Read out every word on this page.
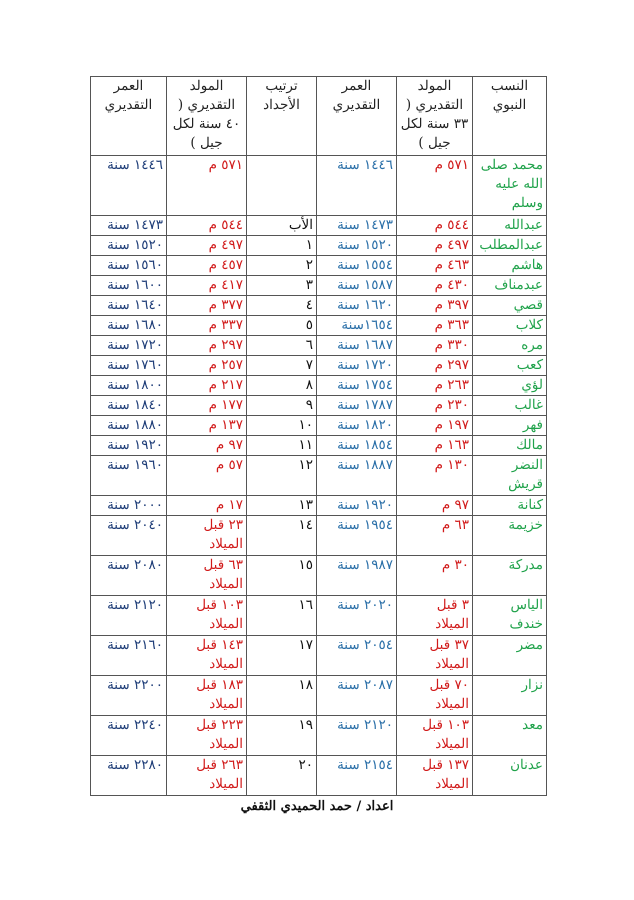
النسب النبوي	المولد التقديري ( ٣٣ سنة لكل جيل )	العمر التقديري	ترتيب الأجداد	المولد التقديري ( ٤٠ سنة لكل جيل )	العمر التقديري
محمد صلى الله عليه وسلم	٥٧١ م	١٤٤٦ سنة		٥٧١ م	١٤٤٦ سنة
عبدالله	٥٤٤ م	١٤٧٣ سنة	الأب	٥٤٤ م	١٤٧٣ سنة
عبدالمطلب	٤٩٧ م	١٥٢٠ سنة	١	٤٩٧ م	١٥٢٠ سنة
هاشم	٤٦٣ م	١٥٥٤ سنة	٢	٤٥٧ م	١٥٦٠ سنة
عبدمناف	٤٣٠ م	١٥٨٧ سنة	٣	٤١٧ م	١٦٠٠ سنة
قصي	٣٩٧ م	١٦٢٠ سنة	٤	٣٧٧ م	١٦٤٠ سنة
كلاب	٣٦٣ م	١٦٥٤سنة	٥	٣٣٧ م	١٦٨٠ سنة
مره	٣٣٠ م	١٦٨٧ سنة	٦	٢٩٧ م	١٧٢٠ سنة
كعب	٢٩٧ م	١٧٢٠ سنة	٧	٢٥٧ م	١٧٦٠ سنة
لؤي	٢٦٣ م	١٧٥٤ سنة	٨	٢١٧ م	١٨٠٠ سنة
غالب	٢٣٠ م	١٧٨٧ سنة	٩	١٧٧ م	١٨٤٠ سنة
فهر	١٩٧ م	١٨٢٠ سنة	١٠	١٣٧ م	١٨٨٠ سنة
مالك	١٦٣ م	١٨٥٤ سنة	١١	٩٧ م	١٩٢٠ سنة
النضر قريش	١٣٠ م	١٨٨٧ سنة	١٢	٥٧ م	١٩٦٠ سنة
كنانة	٩٧ م	١٩٢٠ سنة	١٣	١٧ م	٢٠٠٠ سنة
خزيمة	٦٣ م	١٩٥٤ سنة	١٤	٢٣ قبل الميلاد	٢٠٤٠ سنة
مدركة	٣٠ م	١٩٨٧ سنة	١٥	٦٣ قبل الميلاد	٢٠٨٠ سنة
الياس خندف	٣ قبل الميلاد	٢٠٢٠ سنة	١٦	١٠٣ قبل الميلاد	٢١٢٠ سنة
مضر	٣٧ قبل الميلاد	٢٠٥٤ سنة	١٧	١٤٣ قبل الميلاد	٢١٦٠ سنة
نزار	٧٠ قبل الميلاد	٢٠٨٧ سنة	١٨	١٨٣ قبل الميلاد	٢٢٠٠ سنة
معد	١٠٣ قبل الميلاد	٢١٢٠ سنة	١٩	٢٢٣ قبل الميلاد	٢٢٤٠ سنة
عدنان	١٣٧ قبل الميلاد	٢١٥٤ سنة	٢٠	٢٦٣ قبل الميلاد	٢٢٨٠ سنة
اعداد / حمد الحميدي الثقفي
